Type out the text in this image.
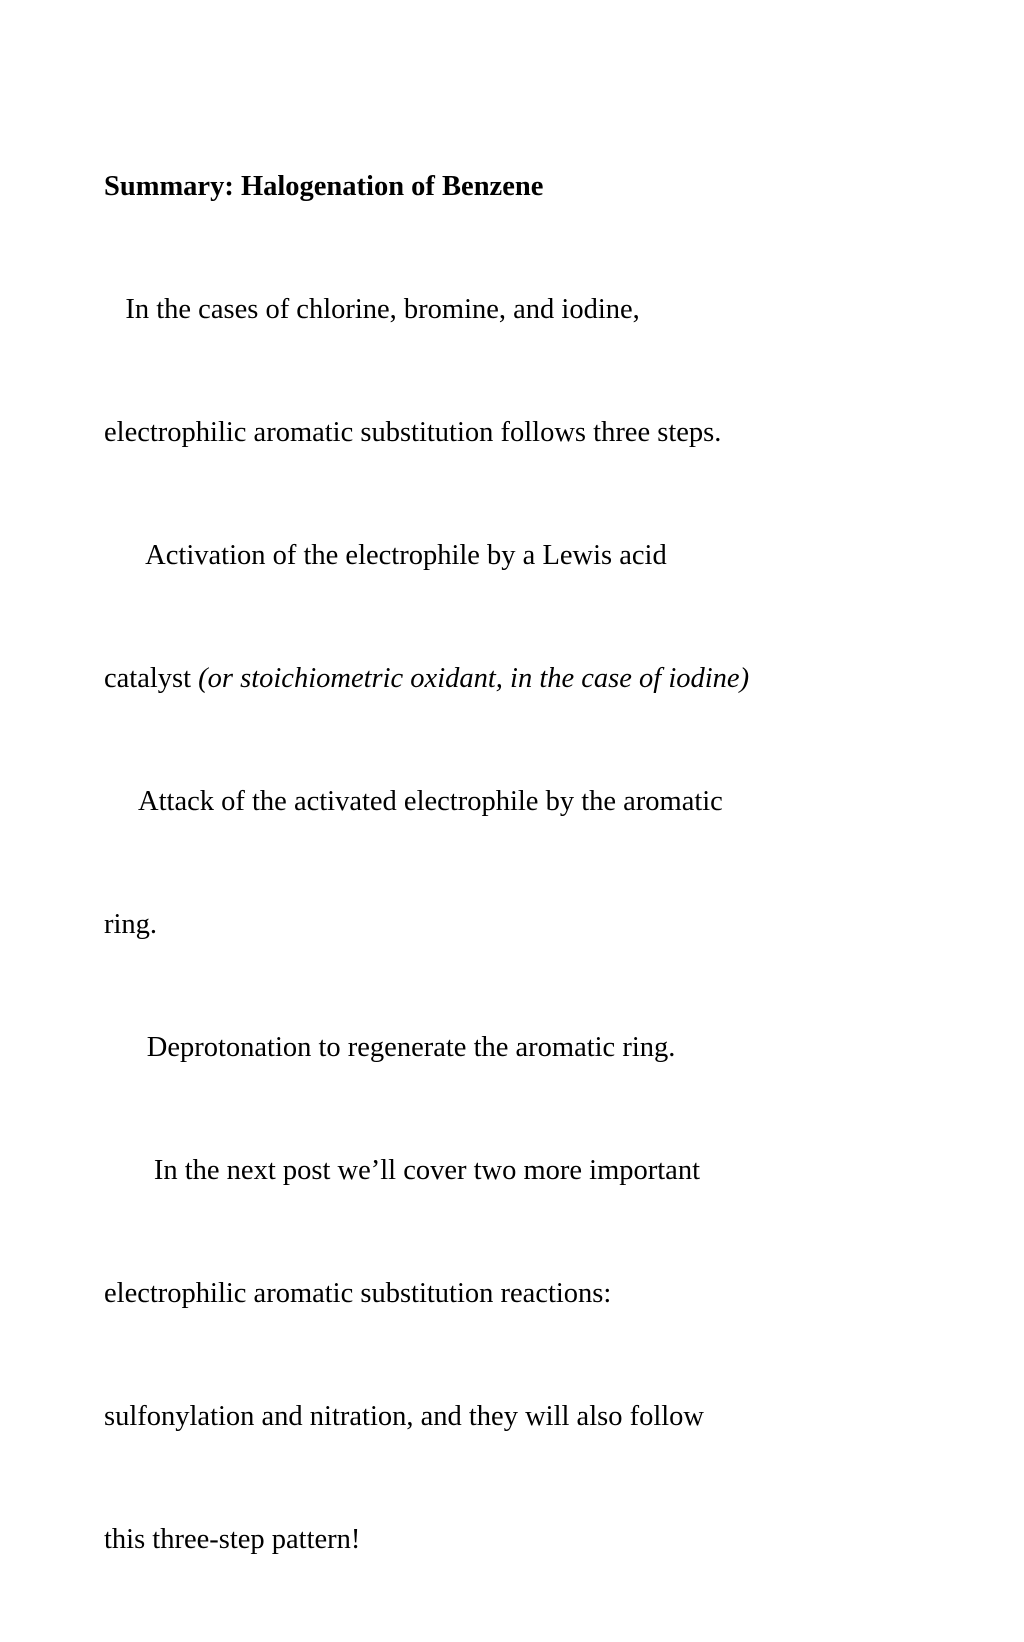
Summary: Halogenation of Benzene

In the cases of chlorine, bromine, and iodine,

electrophilic aromatic substitution follows three steps.

Activation of the electrophile by a Lewis acid

catalyst (or stoichiometric oxidant, in the case of iodine)

Attack of the activated electrophile by the aromatic

ring.

Deprotonation to regenerate the aromatic ring.

In the next post we’ll cover two more important

electrophilic aromatic substitution reactions:

sulfonylation and nitration, and they will also follow

this three-step pattern!
